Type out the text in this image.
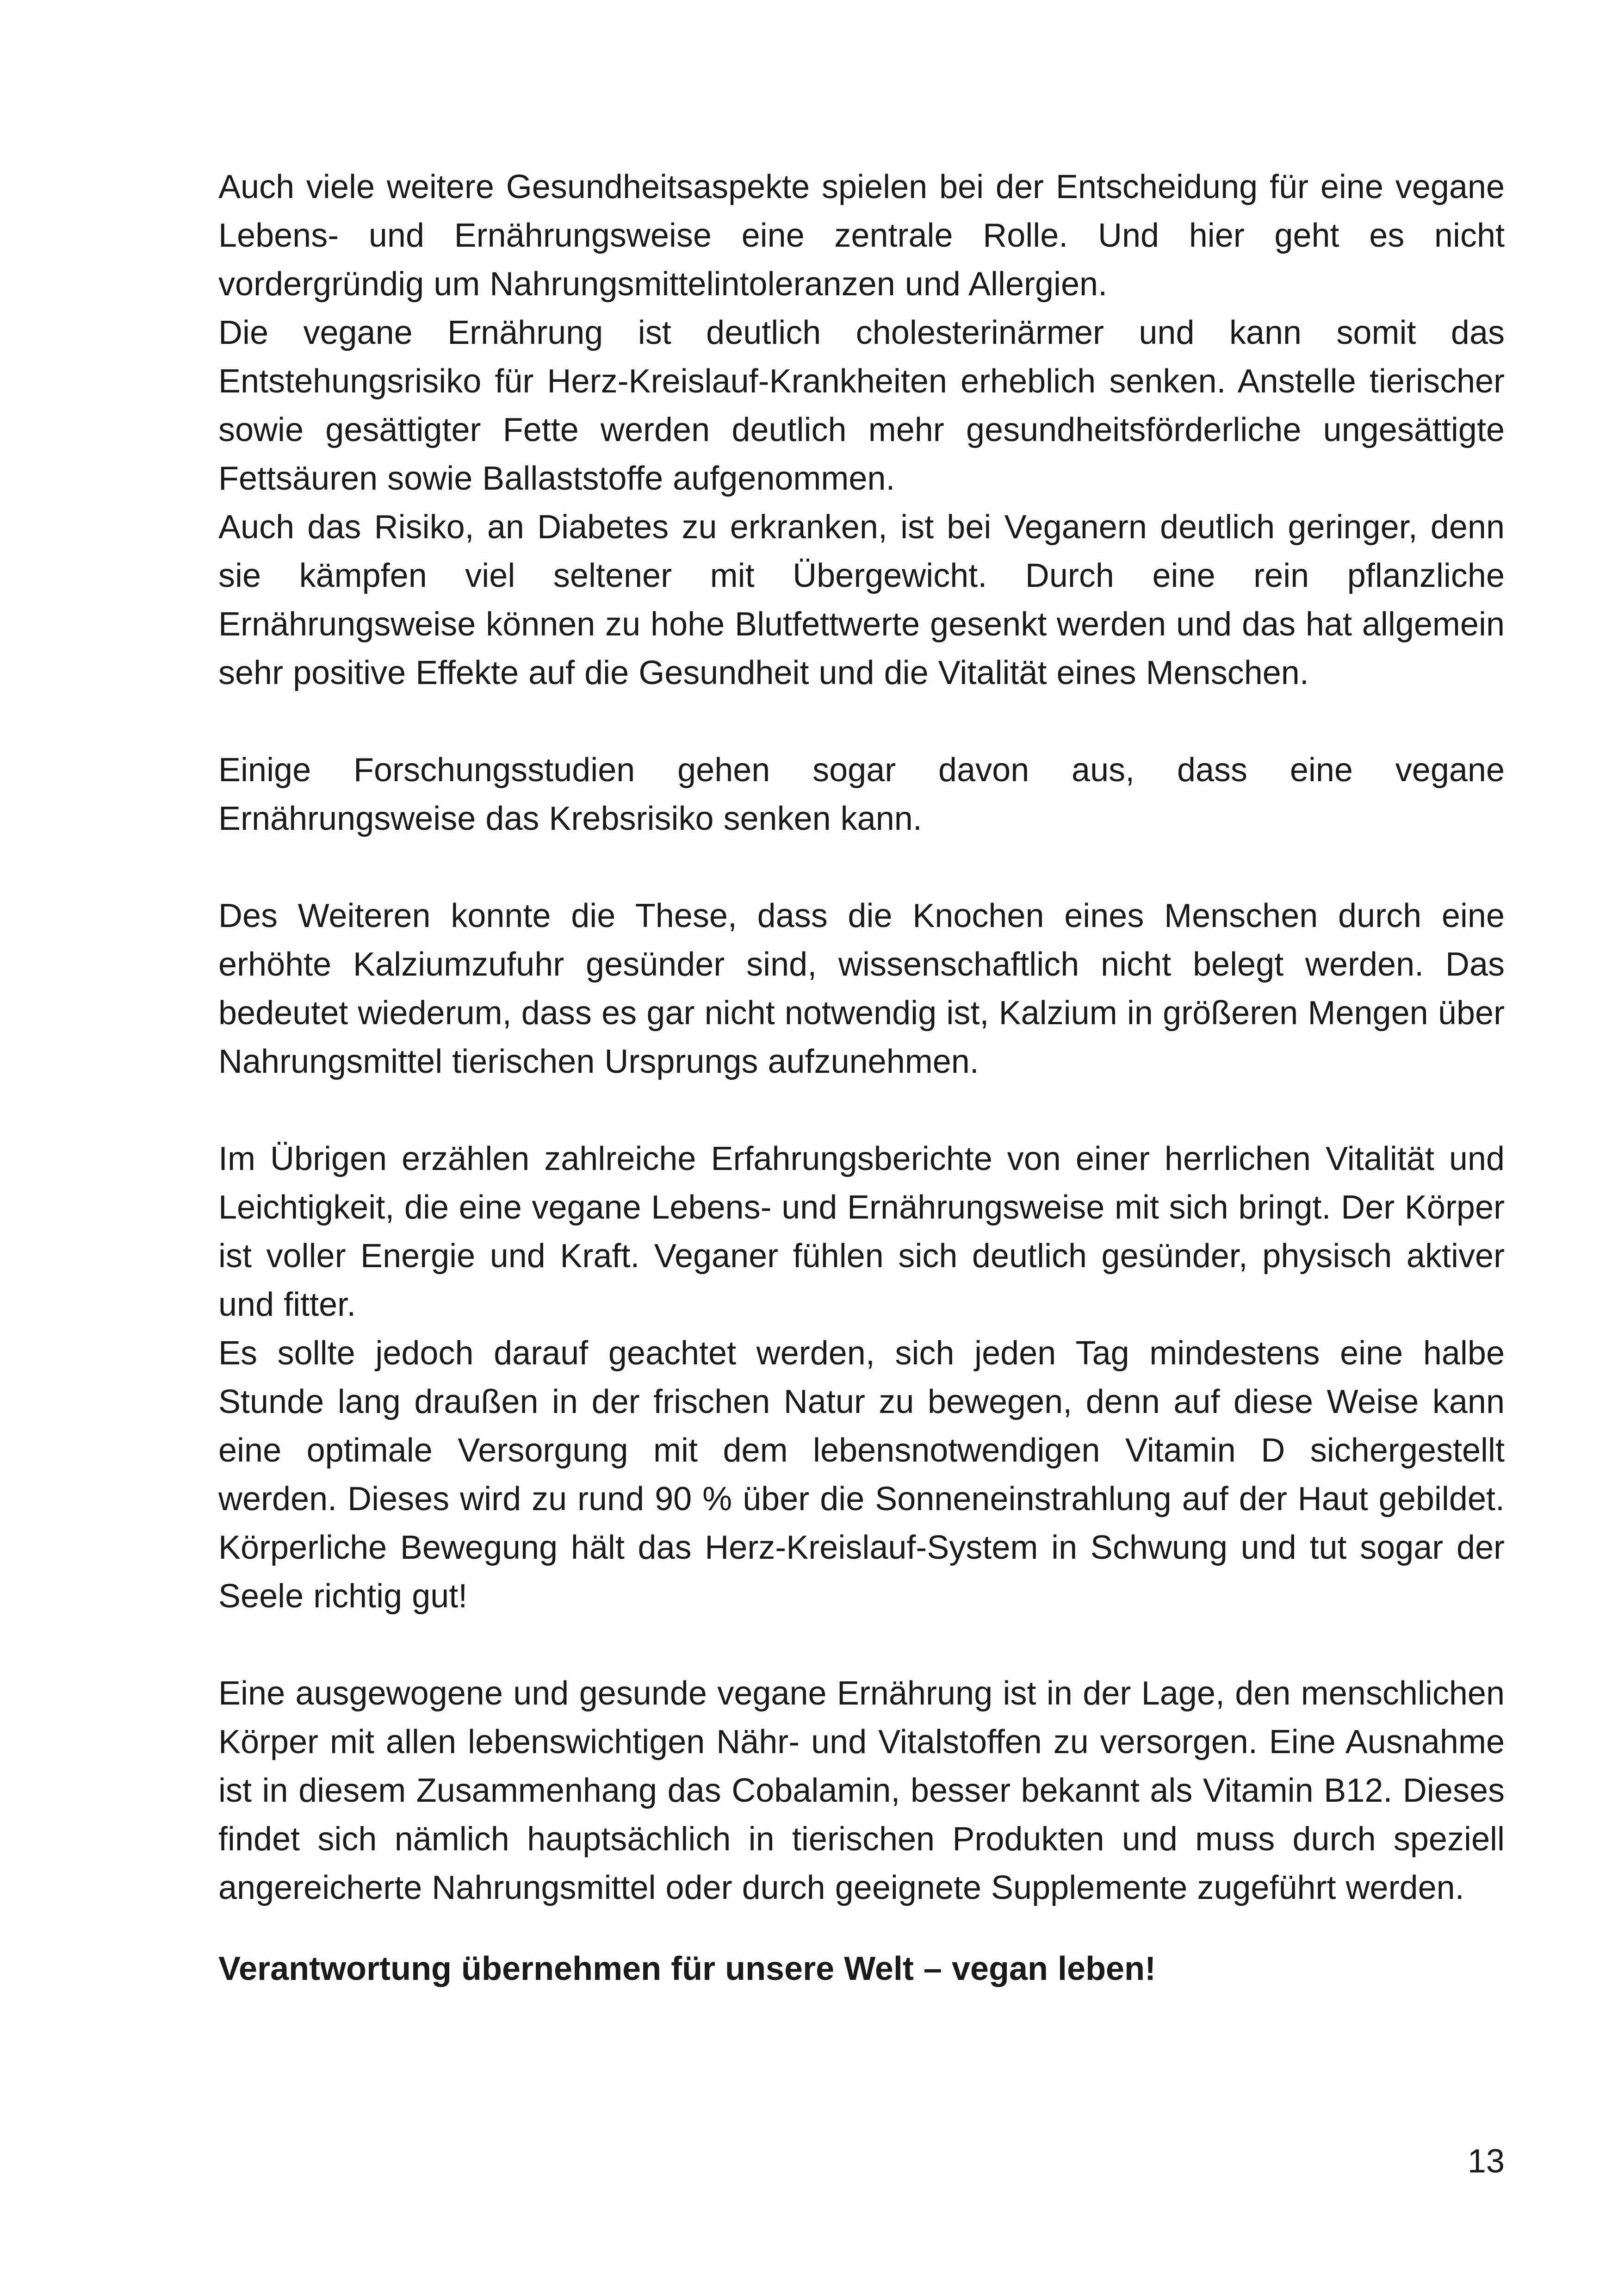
Auch viele weitere Gesundheitsaspekte spielen bei der Entscheidung für eine vegane Lebens- und Ernährungsweise eine zentrale Rolle. Und hier geht es nicht vordergründig um Nahrungsmittelintoleranzen und Allergien.

Die vegane Ernährung ist deutlich cholesterinärmer und kann somit das Entstehungsrisiko für Herz-Kreislauf-Krankheiten erheblich senken. Anstelle tierischer sowie gesättigter Fette werden deutlich mehr gesundheitsförderliche ungesättigte Fettsäuren sowie Ballaststoffe aufgenommen.

Auch das Risiko, an Diabetes zu erkranken, ist bei Veganern deutlich geringer, denn sie kämpfen viel seltener mit Übergewicht. Durch eine rein pflanzliche Ernährungsweise können zu hohe Blutfettwerte gesenkt werden und das hat allgemein sehr positive Effekte auf die Gesundheit und die Vitalität eines Menschen.

Einige Forschungsstudien gehen sogar davon aus, dass eine vegane Ernährungsweise das Krebsrisiko senken kann.

Des Weiteren konnte die These, dass die Knochen eines Menschen durch eine erhöhte Kalziumzufuhr gesünder sind, wissenschaftlich nicht belegt werden. Das bedeutet wiederum, dass es gar nicht notwendig ist, Kalzium in größeren Mengen über Nahrungsmittel tierischen Ursprungs aufzunehmen.

Im Übrigen erzählen zahlreiche Erfahrungsberichte von einer herrlichen Vitalität und Leichtigkeit, die eine vegane Lebens- und Ernährungsweise mit sich bringt. Der Körper ist voller Energie und Kraft. Veganer fühlen sich deutlich gesünder, physisch aktiver und fitter.

Es sollte jedoch darauf geachtet werden, sich jeden Tag mindestens eine halbe Stunde lang draußen in der frischen Natur zu bewegen, denn auf diese Weise kann eine optimale Versorgung mit dem lebensnotwendigen Vitamin D sichergestellt werden. Dieses wird zu rund 90 % über die Sonneneinstrahlung auf der Haut gebildet. Körperliche Bewegung hält das Herz-Kreislauf-System in Schwung und tut sogar der Seele richtig gut!

Eine ausgewogene und gesunde vegane Ernährung ist in der Lage, den menschlichen Körper mit allen lebenswichtigen Nähr- und Vitalstoffen zu versorgen. Eine Ausnahme ist in diesem Zusammenhang das Cobalamin, besser bekannt als Vitamin B12. Dieses findet sich nämlich hauptsächlich in tierischen Produkten und muss durch speziell angereicherte Nahrungsmittel oder durch geeignete Supplemente zugeführt werden.

Verantwortung übernehmen für unsere Welt – vegan leben!

13
